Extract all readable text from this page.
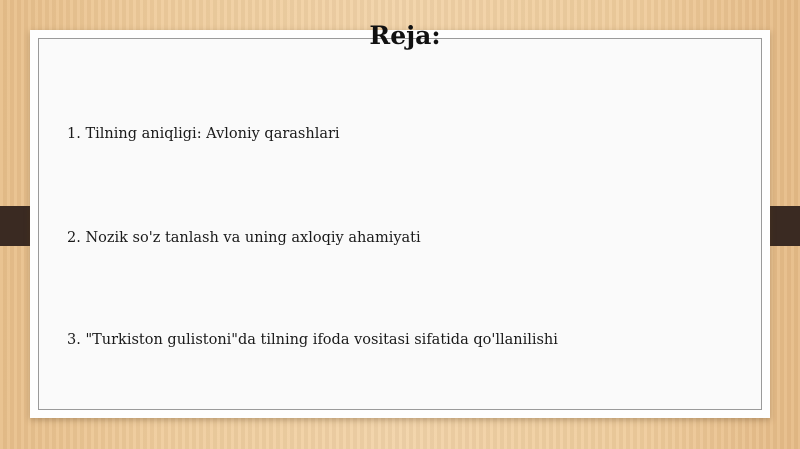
Reja:
1. Tilning aniqligi: Avloniy qarashlari
2. Nozik so'z tanlash va uning axloqiy ahamiyati
3. "Turkiston gulistoni"da tilning ifoda vositasi sifatida qo'llanilishi
